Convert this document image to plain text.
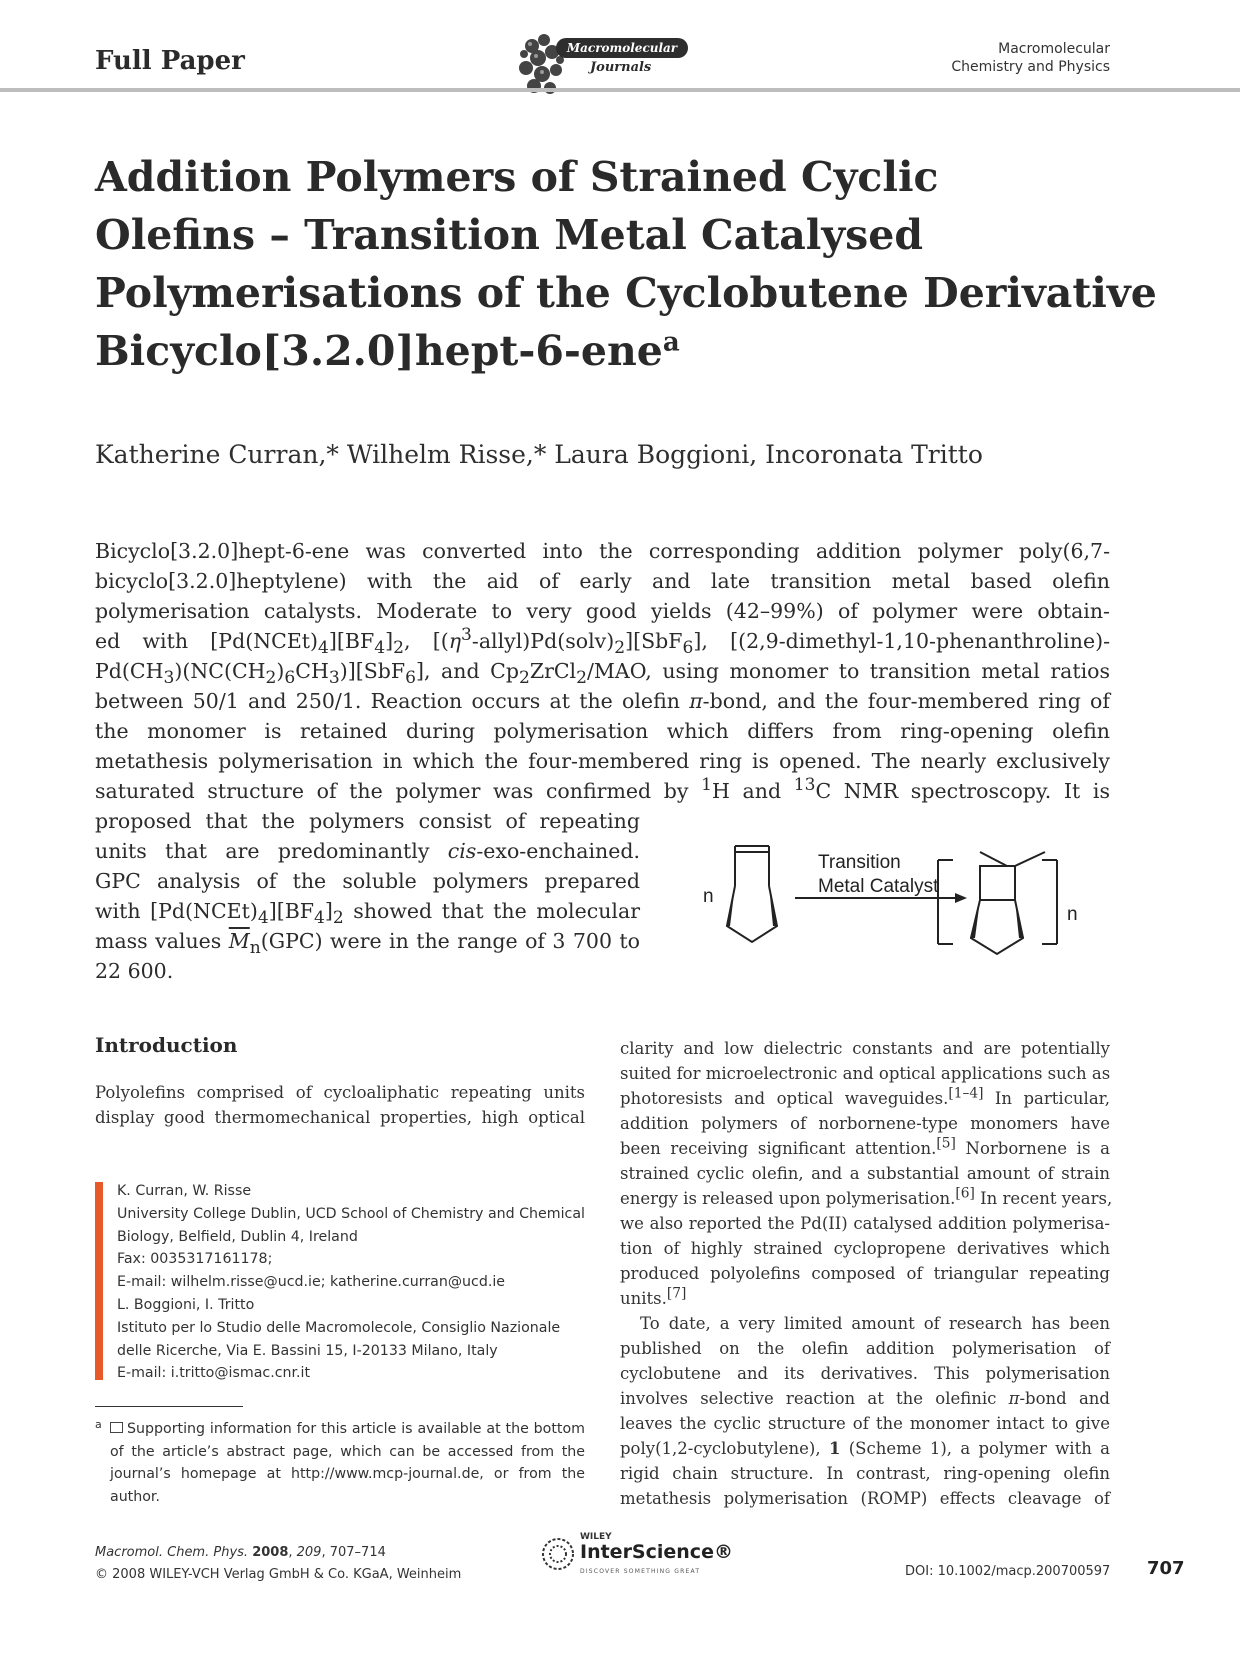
Full Paper	Macromolecular
Journals
Macromolecular
Chemistry and Physics
Addition Polymers of Strained Cyclic
Olefins – Transition Metal Catalysed
Polymerisations of the Cyclobutene Derivative
Bicyclo[3.2.0]hept-6-ene$^a$
Katherine Curran,* Wilhelm Risse,* Laura Boggioni, Incoronata Tritto
Bicyclo[3.2.0]hept-6-ene was converted into the corresponding addition polymer poly(6,7-
bicyclo[3.2.0]heptylene) with the aid of early and late transition metal based olefin
polymerisation catalysts. Moderate to very good yields (42–99%) of polymer were obtain-
ed with $[Pd(NCEt)_4][BF_4]_2$, $[(\eta^3-allyl)Pd(solv)_2][SbF_6]$, [(2,9-dimethyl-1,10-phenanthroline)-
$Pd(CH_3)(NC(CH_2)_6CH_3)][SbF_6]$, and $Cp_2ZrCl_2$/MAO, using monomer to transition metal ratios
between 50/1 and 250/1. Reaction occurs at the olefin π-bond, and the four-membered ring of
the monomer is retained during polymerisation which differs from ring-opening olefin
metathesis polymerisation in which the four-membered ring is opened. The nearly exclusively
saturated structure of the polymer was confirmed by $^1$H and $^{13}$C NMR spectroscopy. It is
proposed that the polymers consist of repeating
units that are predominantly cis-exo-enchained.
GPC analysis of the soluble polymers prepared
with $[Pd(NCEt)_4][BF_4]_2$ showed that the molecular
mass values $\overline{M}_n(GPC)$ were in the range of 3 700 to
22 600.
Transition
Metal Catalyst
n
n
Introduction
Polyolefins comprised of cycloaliphatic repeating units
display good thermomechanical properties, high optical
K. Curran, W. Risse
University College Dublin, UCD School of Chemistry and Chemical
Biology, Belfield, Dublin 4, Ireland
Fax: 0035317161178;
E-mail: wilhelm.risse@ucd.ie; katherine.curran@ucd.ie
L. Boggioni, I. Tritto
Istituto per lo Studio delle Macromolecole, Consiglio Nazionale
delle Ricerche, Via E. Bassini 15, I-20133 Milano, Italy
E-mail: i.tritto@ismac.cnr.it
a	Supporting information for this article is available at the bottom
of the article’s abstract page, which can be accessed from the
journal’s homepage at http://www.mcp-journal.de, or from the
author.
clarity and low dielectric constants and are potentially
suited for microelectronic and optical applications such as
photoresists and optical waveguides.[1–4] In particular,
addition polymers of norbornene-type monomers have
been receiving significant attention.[5] Norbornene is a
strained cyclic olefin, and a substantial amount of strain
energy is released upon polymerisation.[6] In recent years,
we also reported the Pd(II) catalysed addition polymerisa-
tion of highly strained cyclopropene derivatives which
produced polyolefins composed of triangular repeating
units.[7]
To date, a very limited amount of research has been
published on the olefin addition polymerisation of
cyclobutene and its derivatives. This polymerisation
involves selective reaction at the olefinic π-bond and
leaves the cyclic structure of the monomer intact to give
poly(1,2-cyclobutylene), 1 (Scheme 1), a polymer with a
rigid chain structure. In contrast, ring-opening olefin
metathesis polymerisation (ROMP) effects cleavage of
Macromol. Chem. Phys. 2008, 209, 707–714
© 2008 WILEY-VCH Verlag GmbH & Co. KGaA, Weinheim
WILEY
InterScience®
DISCOVER SOMETHING GREAT	DOI: 10.1002/macp.200700597 707
